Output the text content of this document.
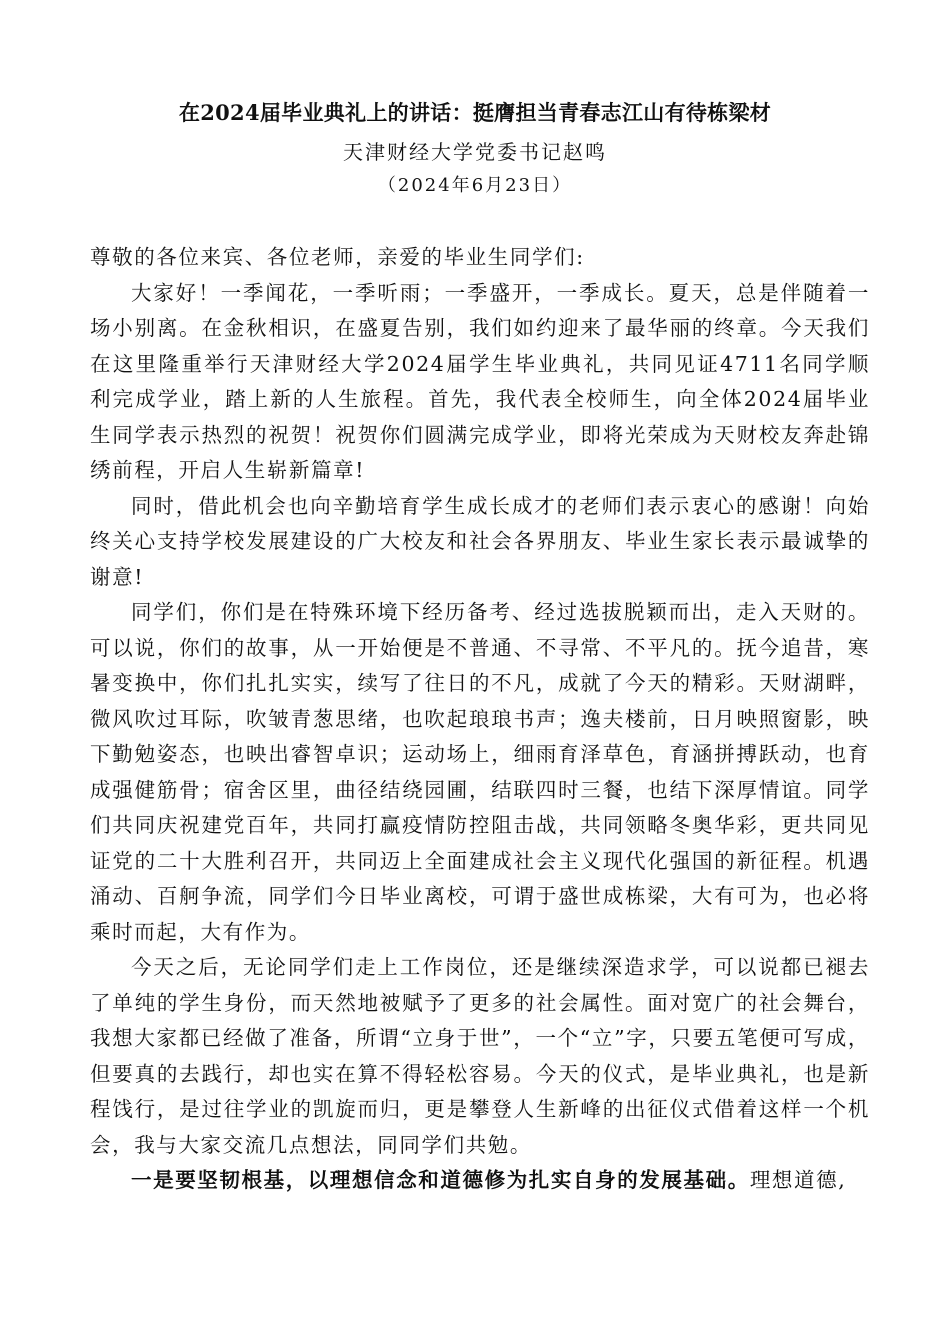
在2024届毕业典礼上的讲话：挺膺担当青春志江山有待栋梁材
天津财经大学党委书记赵鸣
（2024年6月23日）

尊敬的各位来宾、各位老师，亲爱的毕业生同学们:

大家好！一季闻花，一季听雨；一季盛开，一季成长。夏天，总是伴随着一场小别离。在金秋相识，在盛夏告别，我们如约迎来了最华丽的终章。今天我们在这里隆重举行天津财经大学2024届学生毕业典礼，共同见证4711名同学顺利完成学业，踏上新的人生旅程。首先，我代表全校师生，向全体2024届毕业生同学表示热烈的祝贺！祝贺你们圆满完成学业，即将光荣成为天财校友奔赴锦绣前程，开启人生崭新篇章!

同时，借此机会也向辛勤培育学生成长成才的老师们表示衷心的感谢！向始终关心支持学校发展建设的广大校友和社会各界朋友、毕业生家长表示最诚挚的谢意!

同学们，你们是在特殊环境下经历备考、经过选拔脱颖而出，走入天财的。可以说，你们的故事，从一开始便是不普通、不寻常、不平凡的。抚今追昔，寒暑变换中，你们扎扎实实，续写了往日的不凡，成就了今天的精彩。天财湖畔，微风吹过耳际，吹皱青葱思绪，也吹起琅琅书声；逸夫楼前，日月映照窗影，映下勤勉姿态，也映出睿智卓识；运动场上，细雨育泽草色，育涵拼搏跃动，也育成强健筋骨；宿舍区里，曲径结绕园圃，结联四时三餐，也结下深厚情谊。同学们共同庆祝建党百年，共同打赢疫情防控阻击战，共同领略冬奥华彩，更共同见证党的二十大胜利召开，共同迈上全面建成社会主义现代化强国的新征程。机遇涌动、百舸争流，同学们今日毕业离校，可谓于盛世成栋梁，大有可为，也必将乘时而起，大有作为。

今天之后，无论同学们走上工作岗位，还是继续深造求学，可以说都已褪去了单纯的学生身份，而天然地被赋予了更多的社会属性。面对宽广的社会舞台，我想大家都已经做了准备，所谓“立身于世”，一个“立”字，只要五笔便可写成，但要真的去践行，却也实在算不得轻松容易。今天的仪式，是毕业典礼，也是新程饯行，是过往学业的凯旋而归，更是攀登人生新峰的出征仪式借着这样一个机会，我与大家交流几点想法，同同学们共勉。

一是要坚韧根基，以理想信念和道德修为扎实自身的发展基础。理想道德,
